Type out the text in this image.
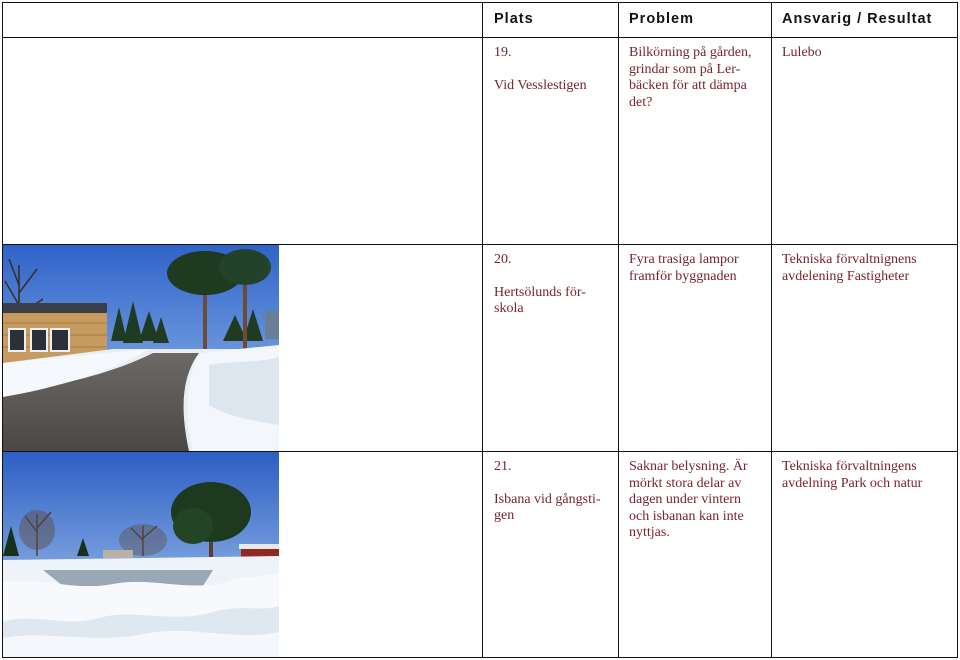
Plats	Problem	Ansvarig / Resultat

19.

Vid Vesslestigen

Bilkörning på gården,

grindar som på Ler-

bäcken för att dämpa

det?

Lulebo

20.

Hertsölunds för-

skola

Fyra trasiga lampor

framför byggnaden

Tekniska förvaltnignens

avdelening Fastigheter

21.

Isbana vid gångsti-

gen

Saknar belysning. Är

mörkt stora delar av

dagen under vintern

och isbanan kan inte

nyttjas.

Tekniska förvaltningens

avdelning Park och natur
